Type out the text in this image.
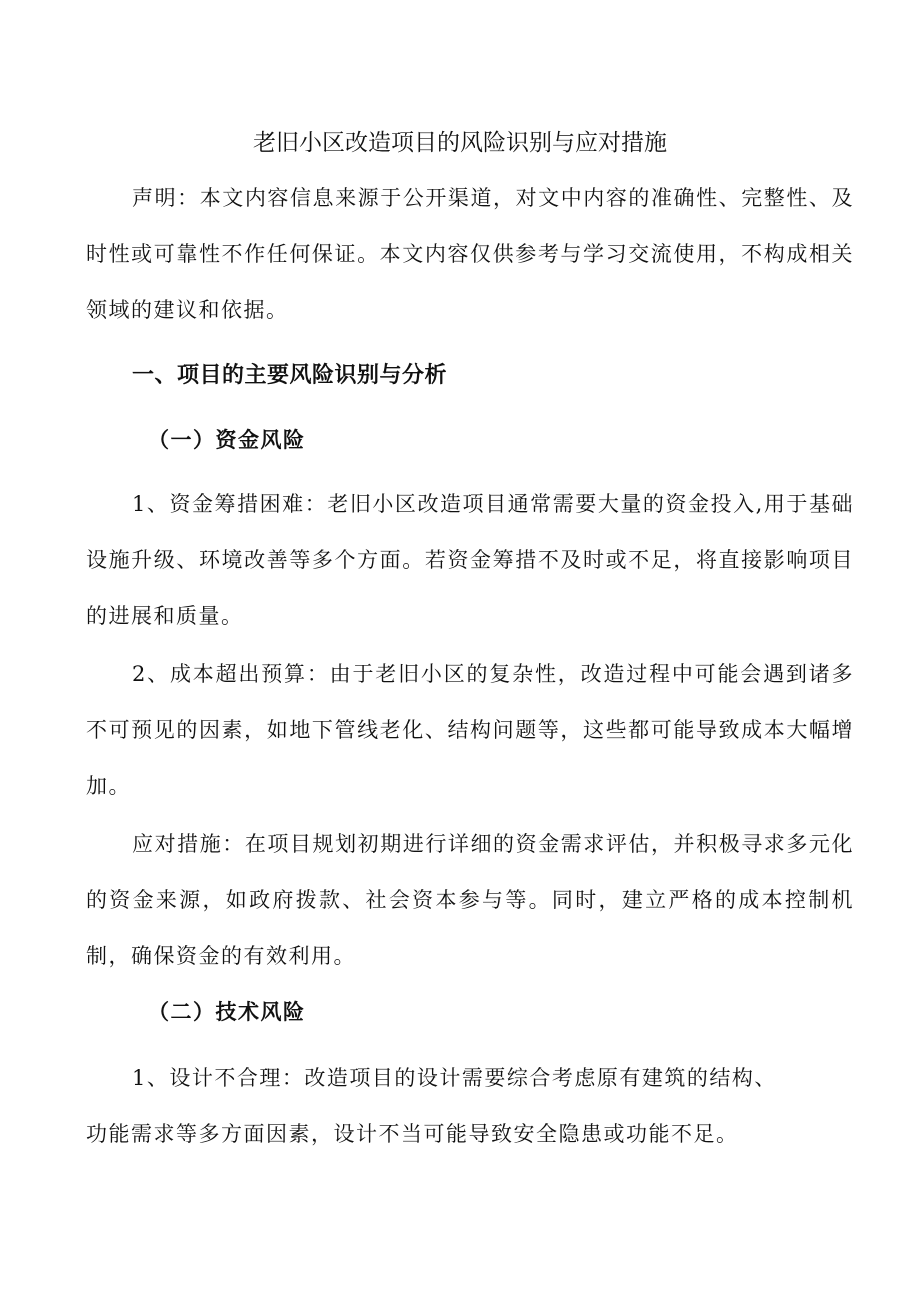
老旧小区改造项目的风险识别与应对措施

声明：本文内容信息来源于公开渠道，对文中内容的准确性、完整性、及时性或可靠性不作任何保证。本文内容仅供参考与学习交流使用，不构成相关领域的建议和依据。

一、项目的主要风险识别与分析
（一）资金风险

1、资金筹措困难：老旧小区改造项目通常需要大量的资金投入,用于基础设施升级、环境改善等多个方面。若资金筹措不及时或不足，将直接影响项目的进展和质量。

2、成本超出预算：由于老旧小区的复杂性，改造过程中可能会遇到诸多不可预见的因素，如地下管线老化、结构问题等，这些都可能导致成本大幅增加。

应对措施：在项目规划初期进行详细的资金需求评估，并积极寻求多元化的资金来源，如政府拨款、社会资本参与等。同时，建立严格的成本控制机制，确保资金的有效利用。

（二）技术风险

1、设计不合理：改造项目的设计需要综合考虑原有建筑的结构、

功能需求等多方面因素，设计不当可能导致安全隐患或功能不足。
